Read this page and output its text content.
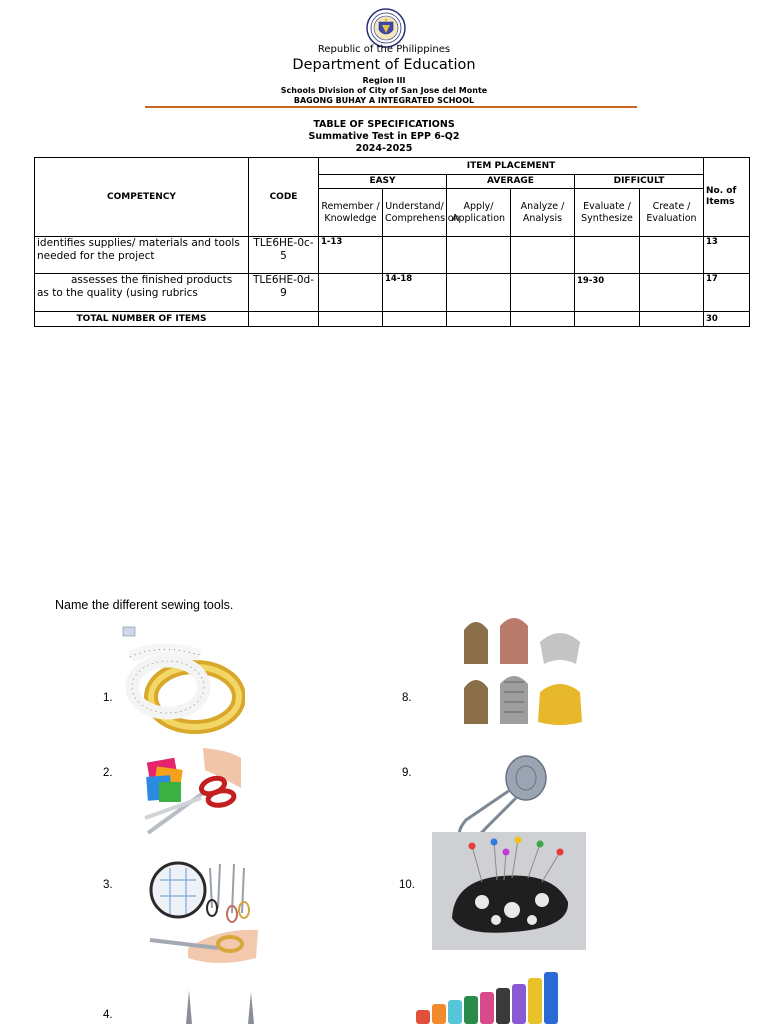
Republic of the Philippines
Department of Education
Region III
Schools Division of City of San Jose del Monte
BAGONG BUHAY A INTEGRATED SCHOOL
TABLE OF SPECIFICATIONS
Summative Test in EPP 6-Q2
2024-2025
COMPETENCY	CODE	ITEM PLACEMENT						No. of Items
		EASY		AVERAGE		DIFFICULT		
		Remember / Knowledge	Understand/ Comprehension	Apply/ Application	Analyze / Analysis	Evaluate / Synthesize	Create / Evaluation	
identifies supplies/ materials and tools needed for the project	TLE6HE-0c-5	1-13						13
assesses the finished products as to the quality (using rubrics	TLE6HE-0d-9		14-18			19-30		17
TOTAL NUMBER OF ITEMS								30
Name the different sewing tools.
1.
2.
3.
4.
8.
9.
10.
